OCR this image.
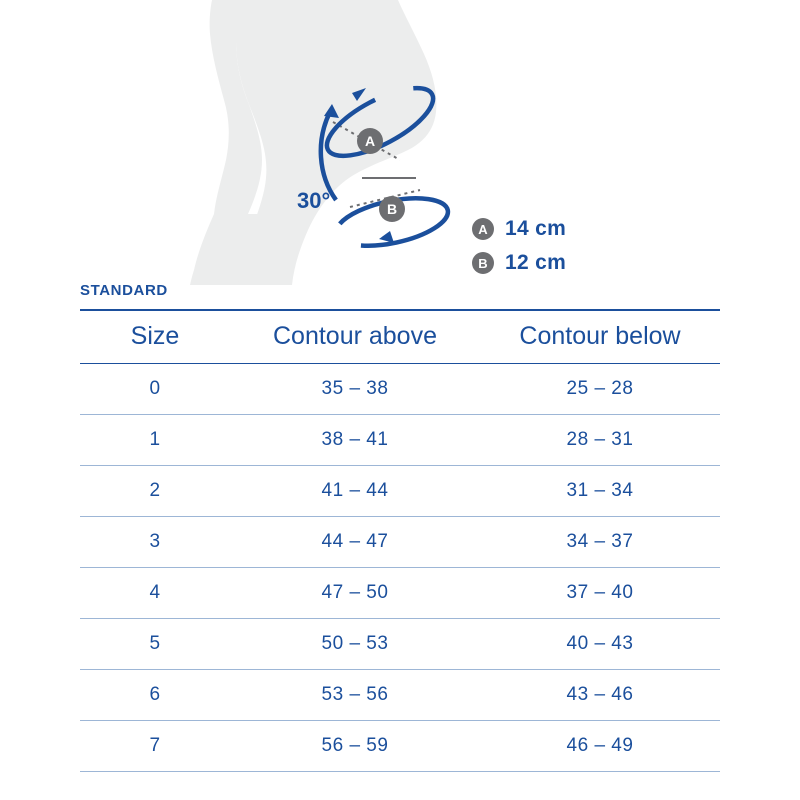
A
B
30°
A 14 cm
B 12 cm
STANDARD
Size	Contour above	Contour below
0	35 – 38	25 – 28
1	38 – 41	28 – 31
2	41 – 44	31 – 34
3	44 – 47	34 – 37
4	47 – 50	37 – 40
5	50 – 53	40 – 43
6	53 – 56	43 – 46
7	56 – 59	46 – 49
